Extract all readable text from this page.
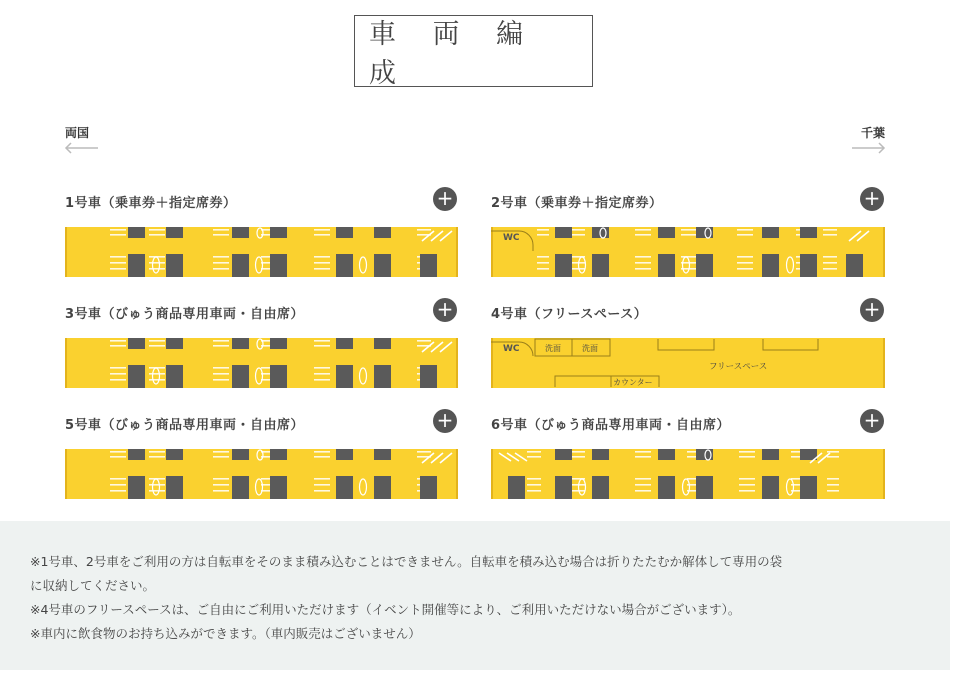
車 両 編 成
両国	千葉
1号車（乗車券＋指定席券）	+	2号車（乗車券＋指定席券）	+
WC
3号車（びゅう商品専用車両・自由席）	+	4号車（フリースペース）	+
WC	洗面	洗面
フリースペース
カウンター
5号車（びゅう商品専用車両・自由席）	+	6号車（びゅう商品専用車両・自由席）	+
※1号車、2号車をご利用の方は自転車をそのまま積み込むことはできません。自転車を積み込む場合は折りたたむか解体して専用の袋
に収納してください。
※4号車のフリースペースは、ご自由にご利用いただけます（イベント開催等により、ご利用いただけない場合がございます）。
※車内に飲食物のお持ち込みができます。（車内販売はございません）
